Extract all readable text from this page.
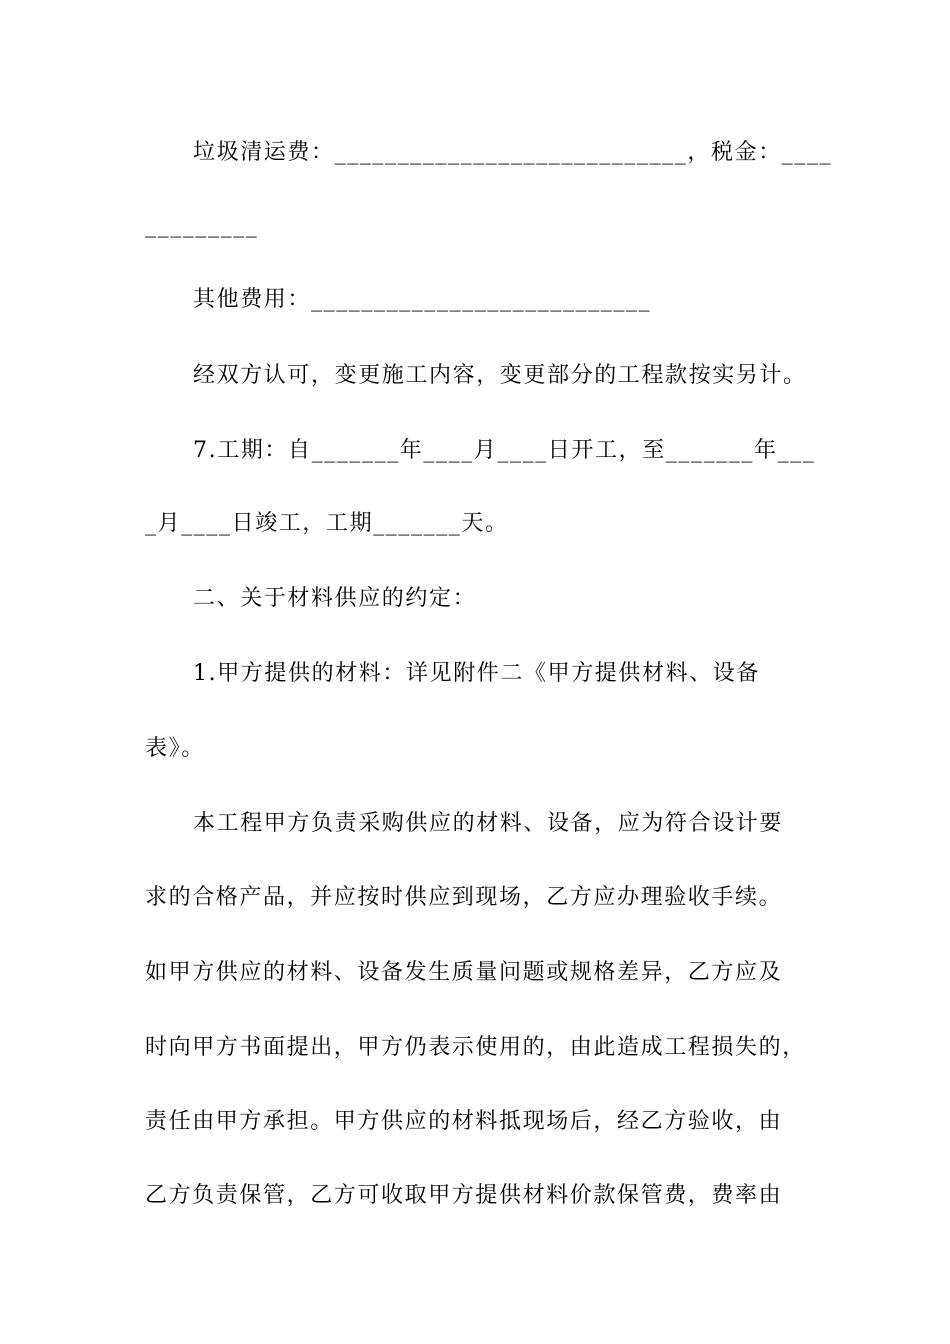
垃圾清运费：____________________________，税金：____
_________
其他费用：___________________________
经双方认可，变更施工内容，变更部分的工程款按实另计。
7.工期：自_______年____月____日开工，至_______年___
_月____日竣工，工期_______天。
二、关于材料供应的约定：
1.甲方提供的材料：详见附件二《甲方提供材料、设备
表》。
本工程甲方负责采购供应的材料、设备，应为符合设计要
求的合格产品，并应按时供应到现场，乙方应办理验收手续。
如甲方供应的材料、设备发生质量问题或规格差异，乙方应及
时向甲方书面提出，甲方仍表示使用的，由此造成工程损失的，
责任由甲方承担。甲方供应的材料抵现场后，经乙方验收，由
乙方负责保管，乙方可收取甲方提供材料价款保管费，费率由
